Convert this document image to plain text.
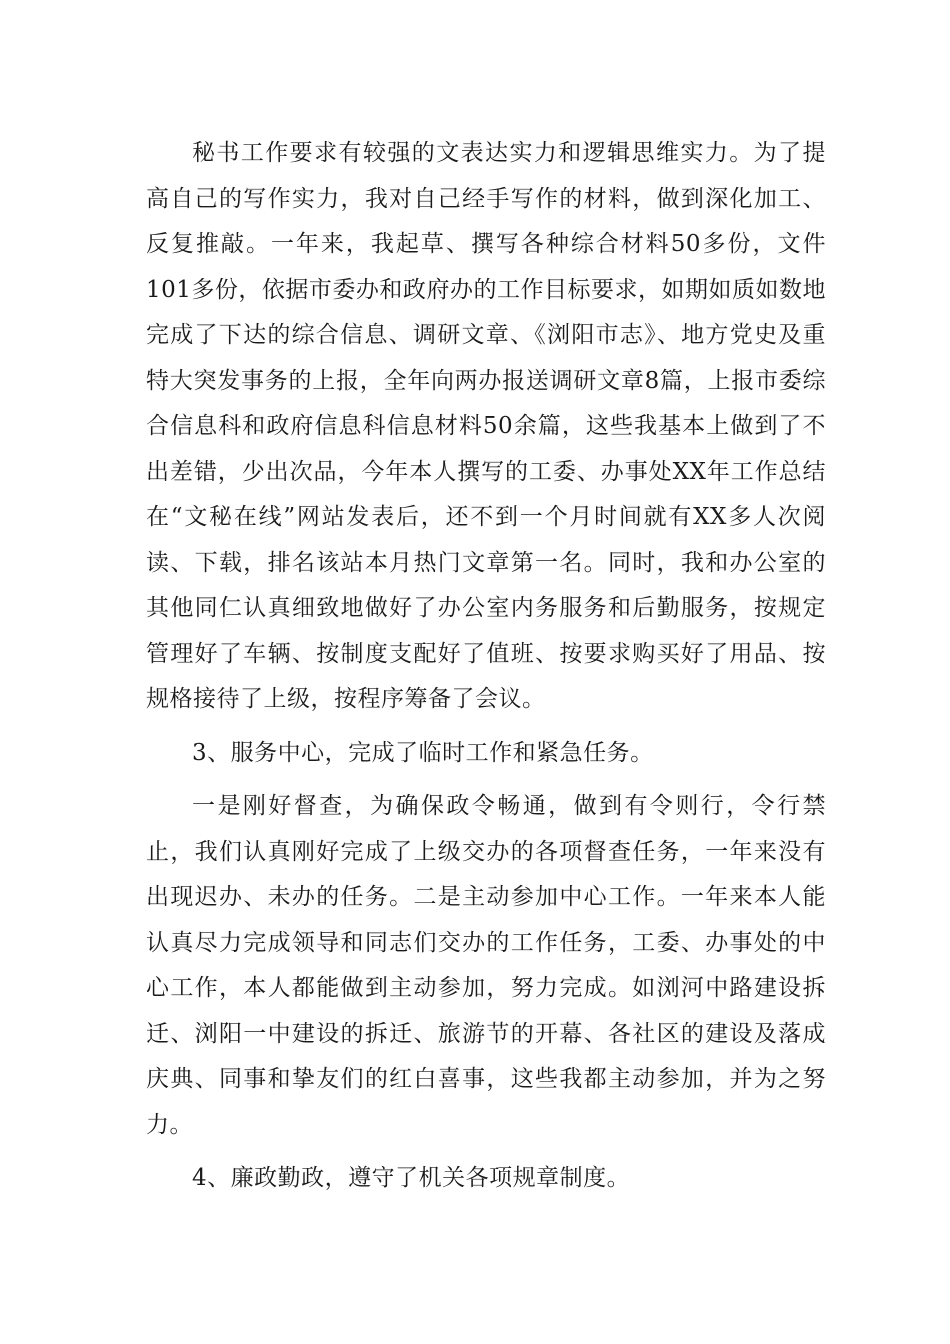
秘书工作要求有较强的文表达实力和逻辑思维实力。为了提高自己的写作实力，我对自己经手写作的材料，做到深化加工、反复推敲。一年来，我起草、撰写各种综合材料50多份，文件101多份，依据市委办和政府办的工作目标要求，如期如质如数地完成了下达的综合信息、调研文章、《浏阳市志》、地方党史及重特大突发事务的上报，全年向两办报送调研文章8篇，上报市委综合信息科和政府信息科信息材料50余篇，这些我基本上做到了不出差错，少出次品，今年本人撰写的工委、办事处XX年工作总结在“文秘在线”网站发表后，还不到一个月时间就有XX多人次阅读、下载，排名该站本月热门文章第一名。同时，我和办公室的其他同仁认真细致地做好了办公室内务服务和后勤服务，按规定管理好了车辆、按制度支配好了值班、按要求购买好了用品、按规格接待了上级，按程序筹备了会议。

3、服务中心，完成了临时工作和紧急任务。

一是刚好督查，为确保政令畅通，做到有令则行，令行禁止，我们认真刚好完成了上级交办的各项督查任务，一年来没有出现迟办、未办的任务。二是主动参加中心工作。一年来本人能认真尽力完成领导和同志们交办的工作任务，工委、办事处的中心工作，本人都能做到主动参加，努力完成。如浏河中路建设拆迁、浏阳一中建设的拆迁、旅游节的开幕、各社区的建设及落成庆典、同事和挚友们的红白喜事，这些我都主动参加，并为之努力。

4、廉政勤政，遵守了机关各项规章制度。
